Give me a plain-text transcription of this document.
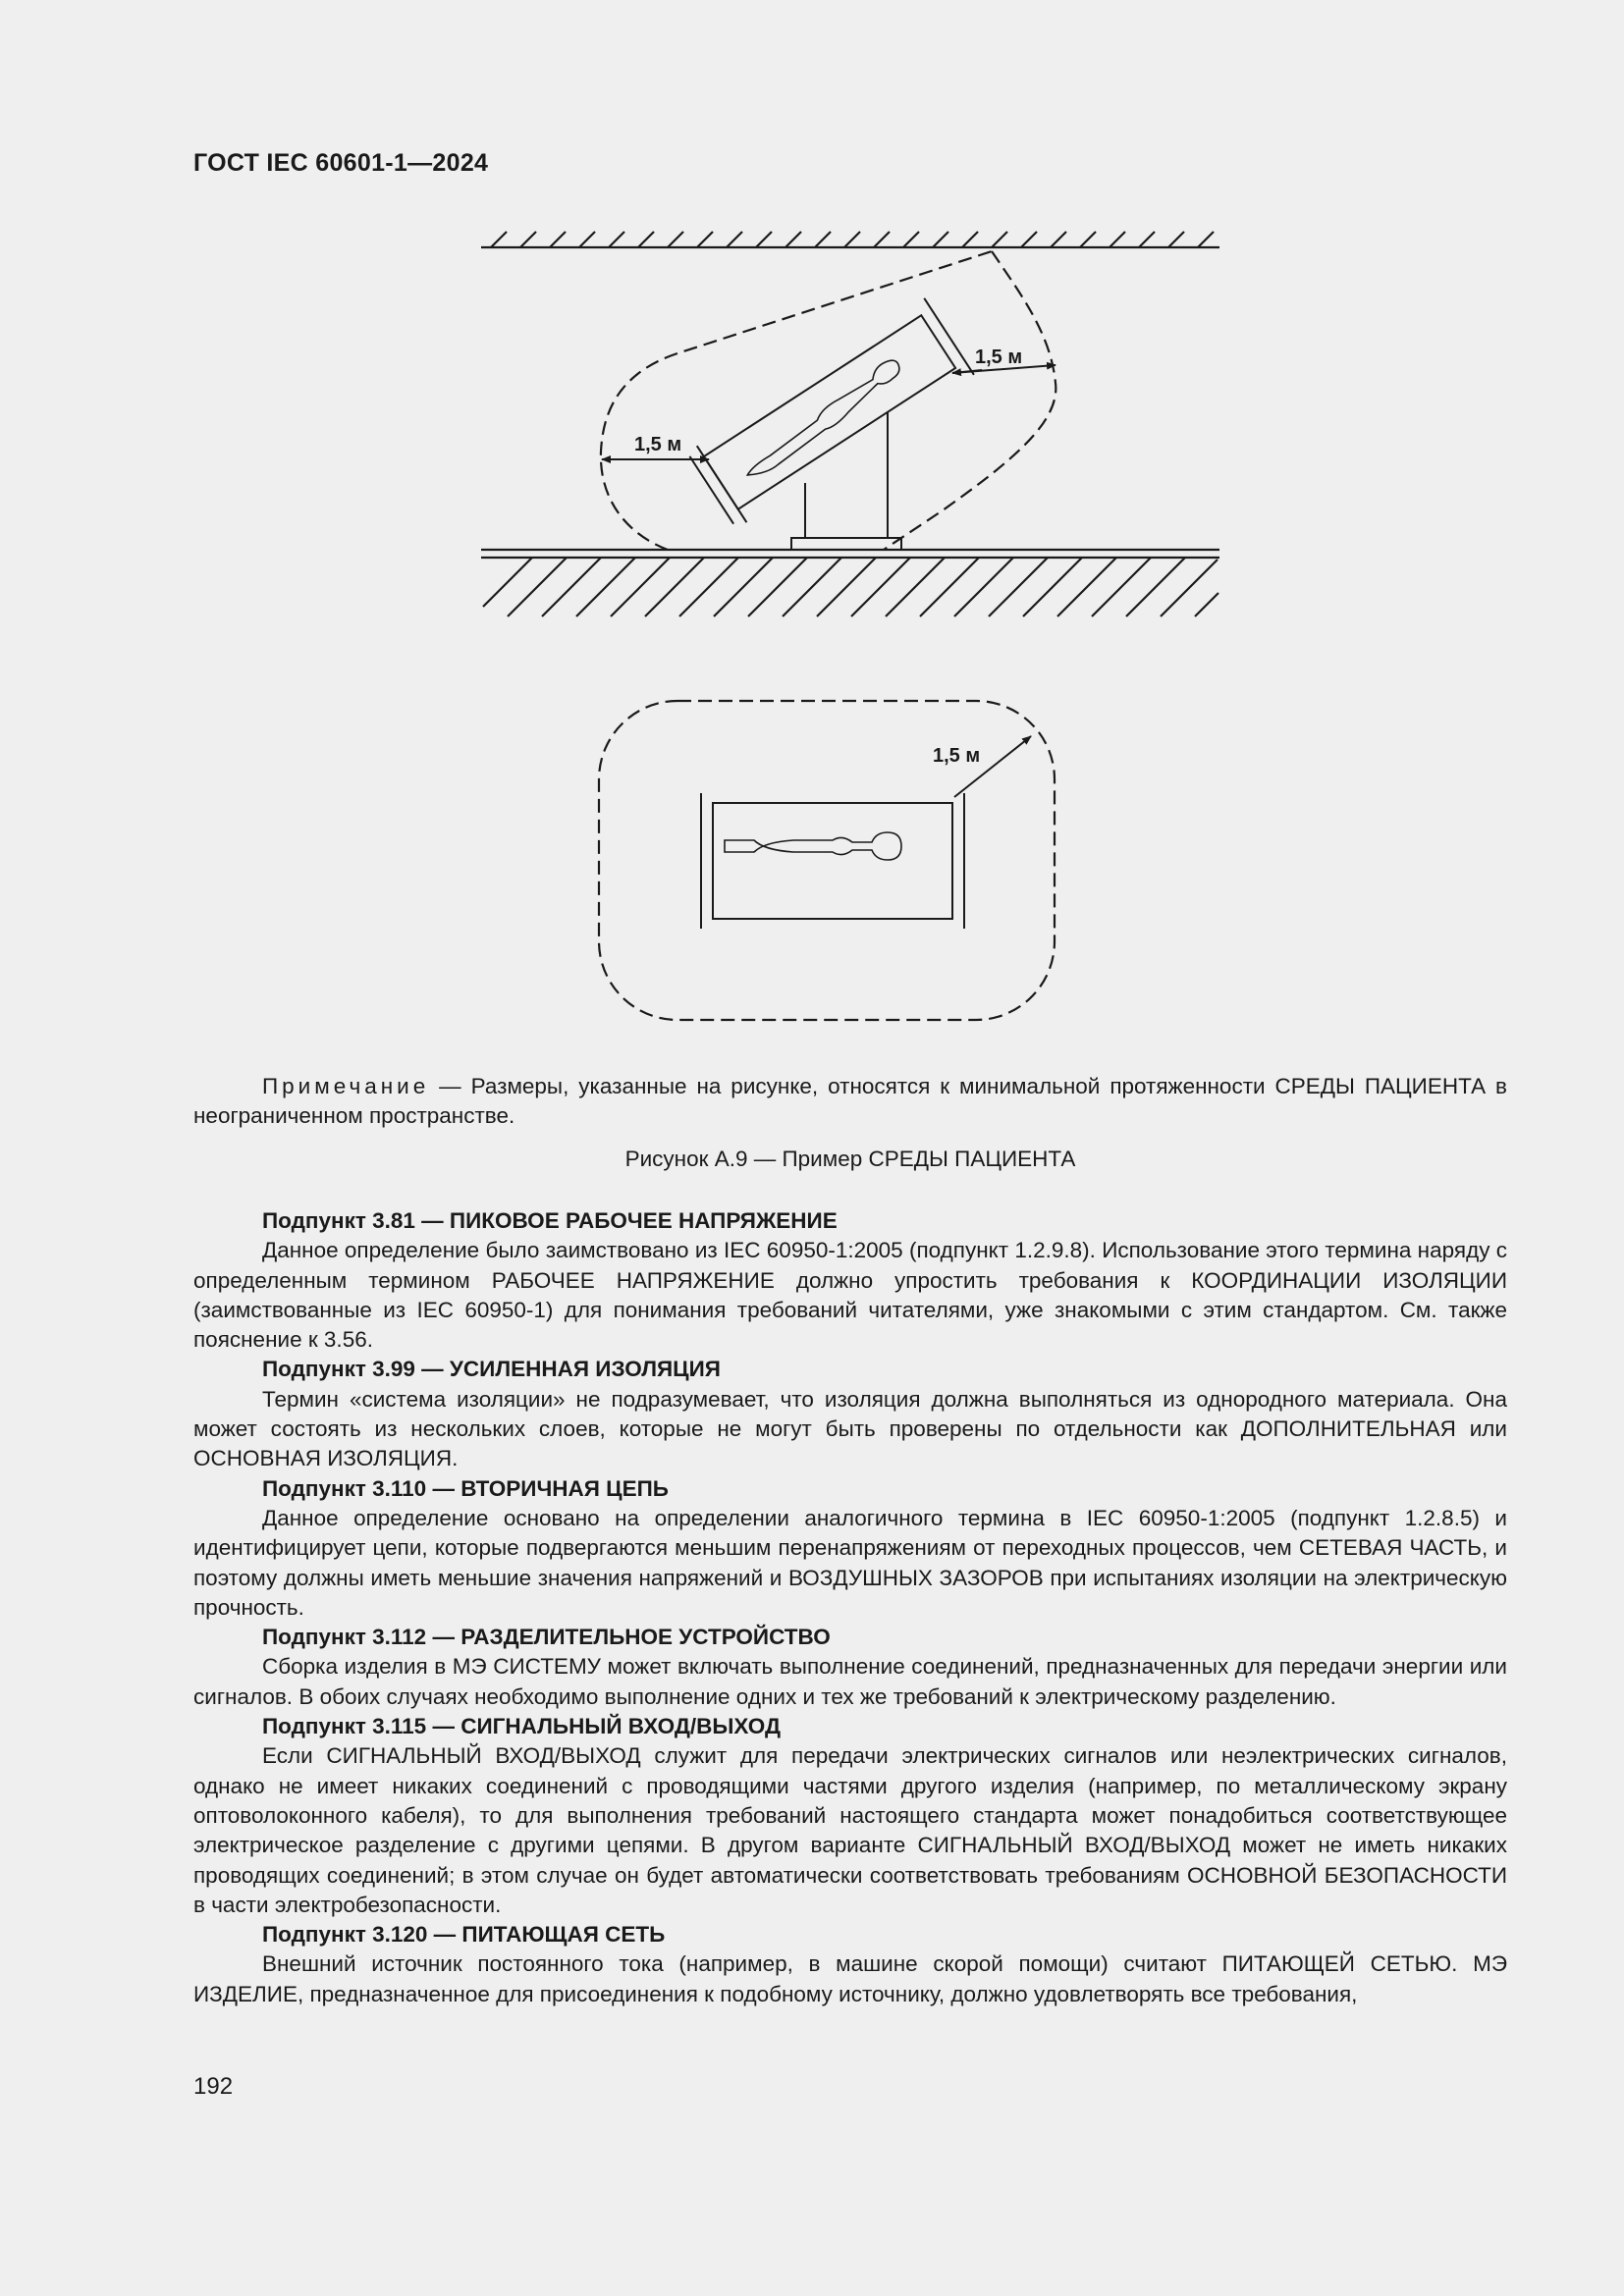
ГОСТ IEC 60601-1—2024
1,5 м
1,5 м
1,5 м
Примечание — Размеры, указанные на рисунке, относятся к минимальной протяженности СРЕДЫ ПАЦИЕНТА в неограниченном пространстве.
Рисунок А.9 — Пример СРЕДЫ ПАЦИЕНТА
Подпункт 3.81 — ПИКОВОЕ РАБОЧЕЕ НАПРЯЖЕНИЕ

Данное определение было заимствовано из IEC 60950-1:2005 (подпункт 1.2.9.8). Использование этого термина наряду с определенным термином РАБОЧЕЕ НАПРЯЖЕНИЕ должно упростить требования к КООРДИНАЦИИ ИЗОЛЯЦИИ (заимствованные из IEC 60950-1) для понимания требований читателями, уже знакомыми с этим стандартом. См. также пояснение к 3.56.

Подпункт 3.99 — УСИЛЕННАЯ ИЗОЛЯЦИЯ

Термин «система изоляции» не подразумевает, что изоляция должна выполняться из однородного материала. Она может состоять из нескольких слоев, которые не могут быть проверены по отдельности как ДОПОЛНИТЕЛЬНАЯ или ОСНОВНАЯ ИЗОЛЯЦИЯ.

Подпункт 3.110 — ВТОРИЧНАЯ ЦЕПЬ

Данное определение основано на определении аналогичного термина в IEC 60950-1:2005 (подпункт 1.2.8.5) и идентифицирует цепи, которые подвергаются меньшим перенапряжениям от переходных процессов, чем СЕТЕВАЯ ЧАСТЬ, и поэтому должны иметь меньшие значения напряжений и ВОЗДУШНЫХ ЗАЗОРОВ при испытаниях изоляции на электрическую прочность.

Подпункт 3.112 — РАЗДЕЛИТЕЛЬНОЕ УСТРОЙСТВО

Сборка изделия в МЭ СИСТЕМУ может включать выполнение соединений, предназначенных для передачи энергии или сигналов. В обоих случаях необходимо выполнение одних и тех же требований к электрическому разделению.

Подпункт 3.115 — СИГНАЛЬНЫЙ ВХОД/ВЫХОД

Если СИГНАЛЬНЫЙ ВХОД/ВЫХОД служит для передачи электрических сигналов или неэлектрических сигналов, однако не имеет никаких соединений с проводящими частями другого изделия (например, по металлическому экрану оптоволоконного кабеля), то для выполнения требований настоящего стандарта может понадобиться соответствующее электрическое разделение с другими цепями. В другом варианте СИГНАЛЬНЫЙ ВХОД/ВЫХОД может не иметь никаких проводящих соединений; в этом случае он будет автоматически соответствовать требованиям ОСНОВНОЙ БЕЗОПАСНОСТИ в части электробезопасности.

Подпункт 3.120 — ПИТАЮЩАЯ СЕТЬ

Внешний источник постоянного тока (например, в машине скорой помощи) считают ПИТАЮЩЕЙ СЕТЬЮ. МЭ ИЗДЕЛИЕ, предназначенное для присоединения к подобному источнику, должно удовлетворять все требования,

192
